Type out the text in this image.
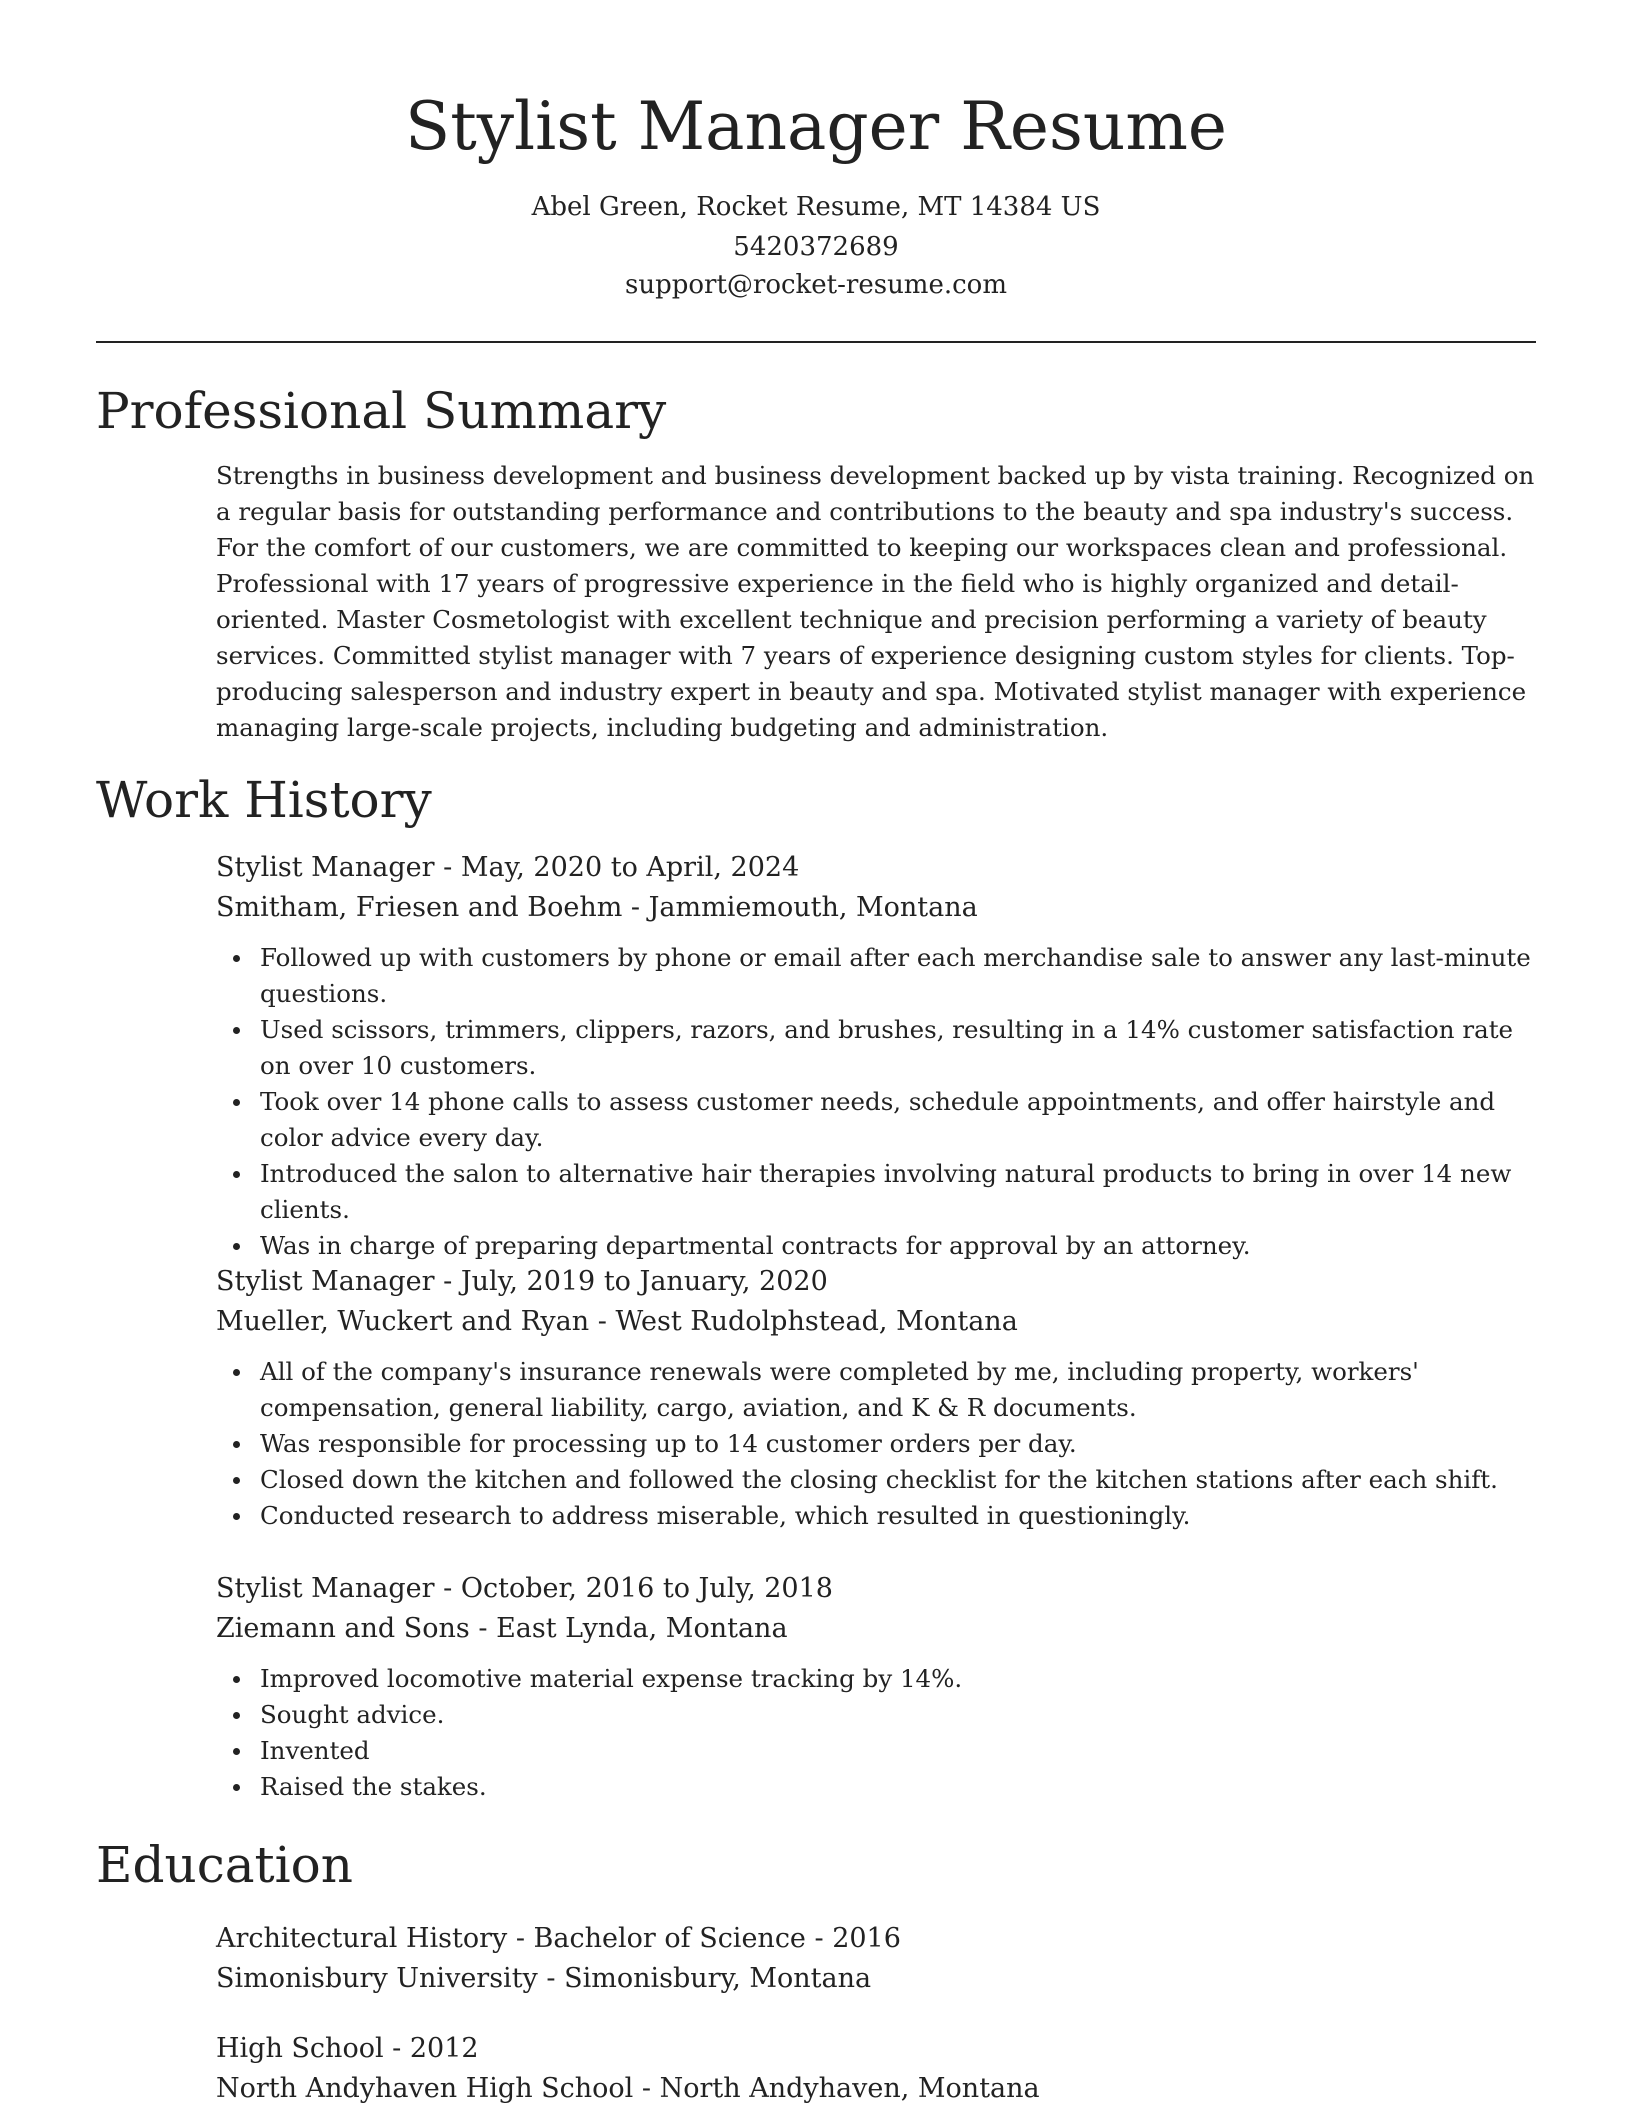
Stylist Manager Resume
Abel Green, Rocket Resume, MT 14384 US
5420372689
support@rocket-resume.com
Professional Summary

Strengths in business development and business development backed up by vista training. Recognized on a regular basis for outstanding performance and contributions to the beauty and spa industry's success. For the comfort of our customers, we are committed to keeping our workspaces clean and professional. Professional with 17 years of progressive experience in the field who is highly organized and detail-oriented. Master Cosmetologist with excellent technique and precision performing a variety of beauty services. Committed stylist manager with 7 years of experience designing custom styles for clients. Top-producing salesperson and industry expert in beauty and spa. Motivated stylist manager with experience managing large-scale projects, including budgeting and administration.

Work History
Stylist Manager - May, 2020 to April, 2024
Smitham, Friesen and Boehm - Jammiemouth, Montana
Followed up with customers by phone or email after each merchandise sale to answer any last-minute questions.
Used scissors, trimmers, clippers, razors, and brushes, resulting in a 14% customer satisfaction rate on over 10 customers.
Took over 14 phone calls to assess customer needs, schedule appointments, and offer hairstyle and color advice every day.
Introduced the salon to alternative hair therapies involving natural products to bring in over 14 new clients.
Was in charge of preparing departmental contracts for approval by an attorney.
Stylist Manager - July, 2019 to January, 2020
Mueller, Wuckert and Ryan - West Rudolphstead, Montana
All of the company's insurance renewals were completed by me, including property, workers' compensation, general liability, cargo, aviation, and K & R documents.
Was responsible for processing up to 14 customer orders per day.
Closed down the kitchen and followed the closing checklist for the kitchen stations after each shift.
Conducted research to address miserable, which resulted in questioningly.
Stylist Manager - October, 2016 to July, 2018
Ziemann and Sons - East Lynda, Montana
Improved locomotive material expense tracking by 14%.
Sought advice.
Invented
Raised the stakes.
Education
Architectural History - Bachelor of Science - 2016
Simonisbury University - Simonisbury, Montana
High School - 2012
North Andyhaven High School - North Andyhaven, Montana
